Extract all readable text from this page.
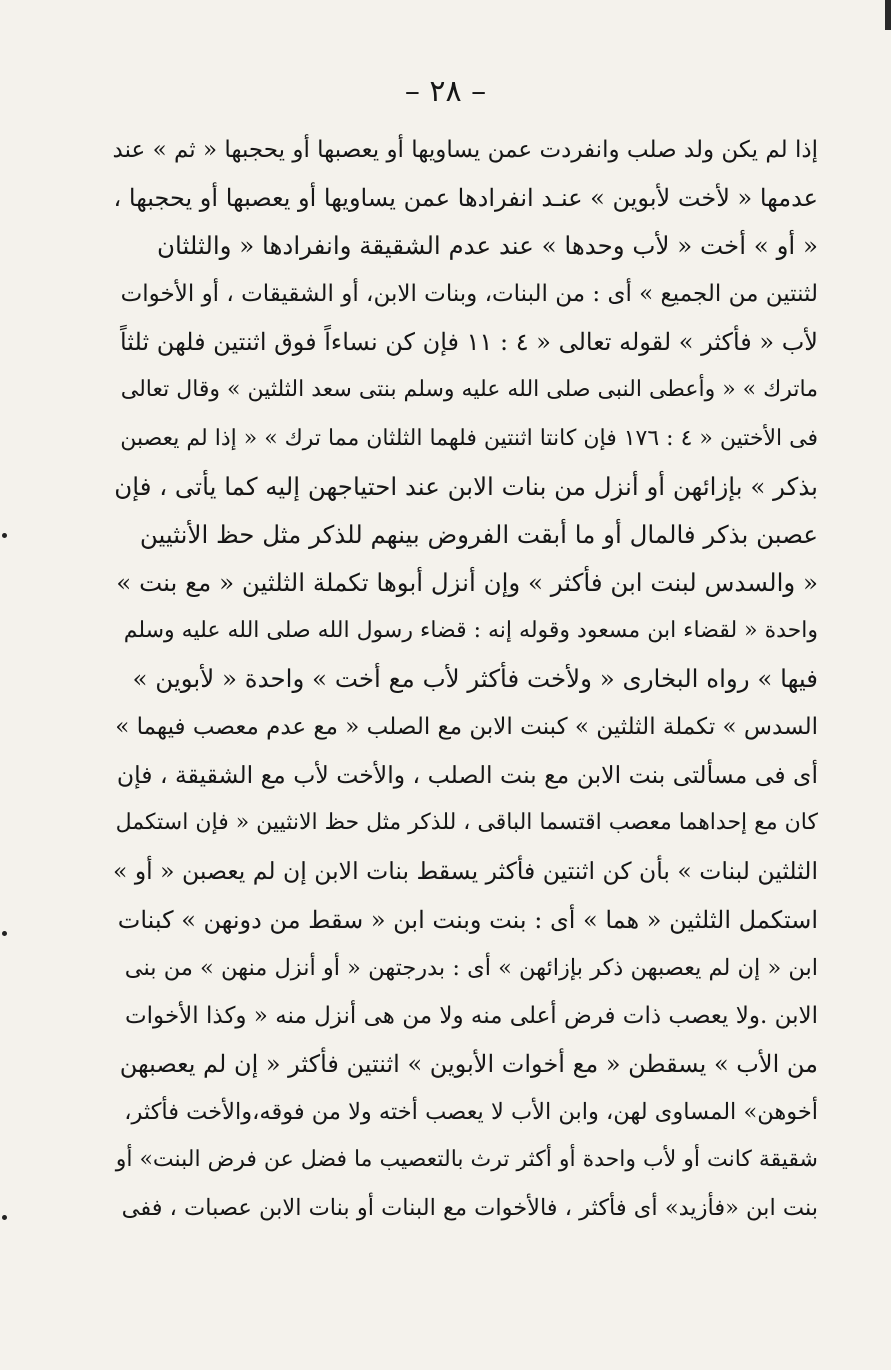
– ٢٨ –
إذا لم يكن ولد صلب وانفردت عمن يساويها أو يعصبها أو يحجبها « ثم » عند
عدمها « لأخت لأبوين » عنـد انفرادها عمن يساويها أو يعصبها أو يحجبها ،
« أو » أخت « لأب وحدها » عند عدم الشقيقة وانفرادها « والثلثان
لثنتين من الجميع » أى : من البنات، وبنات الابن، أو الشقيقات ، أو الأخوات
لأب « فأكثر » لقوله تعالى « ٤ : ١١ فإن كن نساءاً فوق اثنتين فلهن ثلثاً
ماترك » « وأعطى النبى صلى الله عليه وسلم بنتى سعد الثلثين » وقال تعالى
فى الأختين « ٤ : ١٧٦ فإن كانتا اثنتين فلهما الثلثان مما ترك » « إذا لم يعصبن
بذكر » بإزائهن أو أنزل من بنات الابن عند احتياجهن إليه كما يأتى ، فإن
عصبن بذكر فالمال أو ما أبقت الفروض بينهم للذكر مثل حظ الأنثيين
« والسدس لبنت ابن فأكثر » وإن أنزل أبوها تكملة الثلثين « مع بنت »
واحدة « لقضاء ابن مسعود وقوله إنه : قضاء رسول الله صلى الله عليه وسلم
فيها » رواه البخارى « ولأخت فأكثر لأب مع أخت » واحدة « لأبوين »
السدس » تكملة الثلثين » كبنت الابن مع الصلب « مع عدم معصب فيهما »
أى فى مسألتى بنت الابن مع بنت الصلب ، والأخت لأب مع الشقيقة ، فإن
كان مع إحداهما معصب اقتسما الباقى ، للذكر مثل حظ الانثيين « فإن استكمل
الثلثين لبنات » بأن كن اثنتين فأكثر يسقط بنات الابن إن لم يعصبن « أو »
استكمل الثلثين « هما » أى : بنت وبنت ابن « سقط من دونهن » كبنات
ابن « إن لم يعصبهن ذكر بإزائهن » أى : بدرجتهن « أو أنزل منهن » من بنى
الابن .ولا يعصب ذات فرض أعلى منه ولا من هى أنزل منه « وكذا الأخوات
من الأب » يسقطن « مع أخوات الأبوين » اثنتين فأكثر « إن لم يعصبهن
أخوهن» المساوى لهن، وابن الأب لا يعصب أخته ولا من فوقه،والأخت فأكثر،
شقيقة كانت أو لأب واحدة أو أكثر ترث بالتعصيب ما فضل عن فرض البنت» أو
بنت ابن «فأزيد» أى فأكثر ، فالأخوات مع البنات أو بنات الابن عصبات ، ففى
